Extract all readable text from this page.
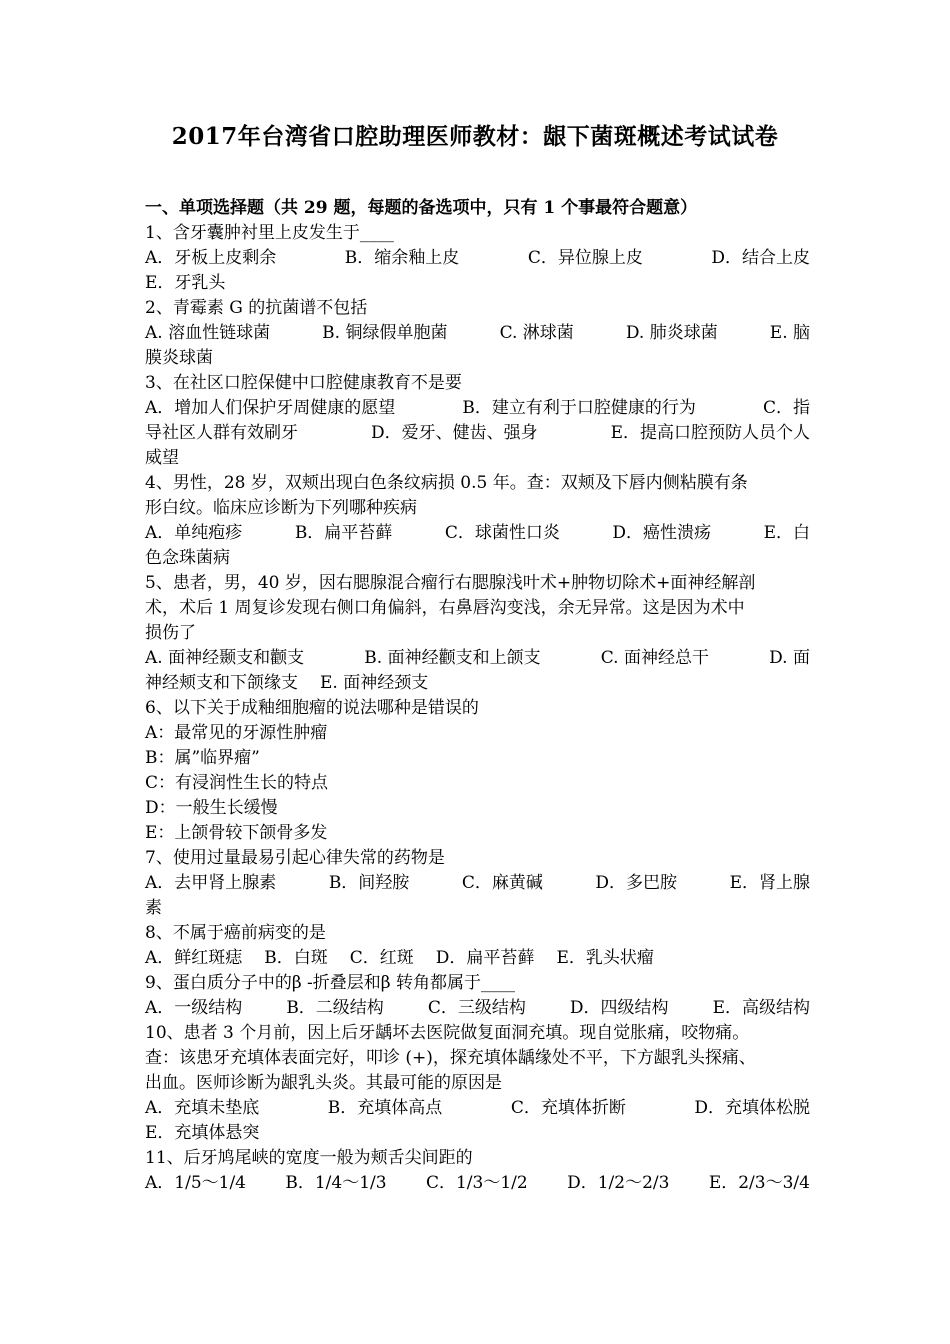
2017年台湾省口腔助理医师教材：龈下菌斑概述考试试卷
一、单项选择题（共 29 题，每题的备选项中，只有 1 个事最符合题意）
1、含牙囊肿衬里上皮发生于____
A．牙板上皮剩余	B．缩余釉上皮	C．异位腺上皮	D．结合上皮
E．牙乳头
2、青霉素 G 的抗菌谱不包括
A. 溶血性链球菌	B. 铜绿假单胞菌	C. 淋球菌	D. 肺炎球菌	E. 脑
膜炎球菌
3、在社区口腔保健中口腔健康教育不是要
A．增加人们保护牙周健康的愿望	B．建立有利于口腔健康的行为	C．指
导社区人群有效刷牙	D．爱牙、健齿、强身	E．提高口腔预防人员个人
威望
4、男性，28 岁，双颊出现白色条纹病损 0.5 年。查：双颊及下唇内侧粘膜有条
形白纹。临床应诊断为下列哪种疾病
A．单纯疱疹	B．扁平苔藓	C．球菌性口炎	D．癌性溃疡	E．白
色念珠菌病
5、患者，男，40 岁，因右腮腺混合瘤行右腮腺浅叶术+肿物切除术+面神经解剖
术，术后 1 周复诊发现右侧口角偏斜，右鼻唇沟变浅，余无异常。这是因为术中
损伤了
A. 面神经颞支和颧支	B. 面神经颧支和上颌支	C. 面神经总干	D. 面
神经颊支和下颌缘支 E. 面神经颈支
6、以下关于成釉细胞瘤的说法哪种是错误的
A：最常见的牙源性肿瘤
B：属”临界瘤”
C：有浸润性生长的特点
D：一般生长缓慢
E：上颌骨较下颌骨多发
7、使用过量最易引起心律失常的药物是
A．去甲肾上腺素	B．间羟胺	C．麻黄碱	D．多巴胺	E．肾上腺
素
8、不属于癌前病变的是
A．鲜红斑痣 B．白斑 C．红斑 D．扁平苔藓 E．乳头状瘤
9、蛋白质分子中的β -折叠层和β 转角都属于____
A．一级结构	B．二级结构	C．三级结构	D．四级结构	E．高级结构
10、患者 3 个月前，因上后牙龋坏去医院做复面洞充填。现自觉胀痛，咬物痛。
查：该患牙充填体表面完好，叩诊 (+)，探充填体龋缘处不平，下方龈乳头探痛、
出血。医师诊断为龈乳头炎。其最可能的原因是
A．充填未垫底	B．充填体高点	C．充填体折断	D．充填体松脱
E．充填体悬突
11、后牙鸠尾峡的宽度一般为颊舌尖间距的
A．1/5～1/4 B．1/4～1/3 C．1/3～1/2 D．1/2～2/3 E．2/3～3/4
